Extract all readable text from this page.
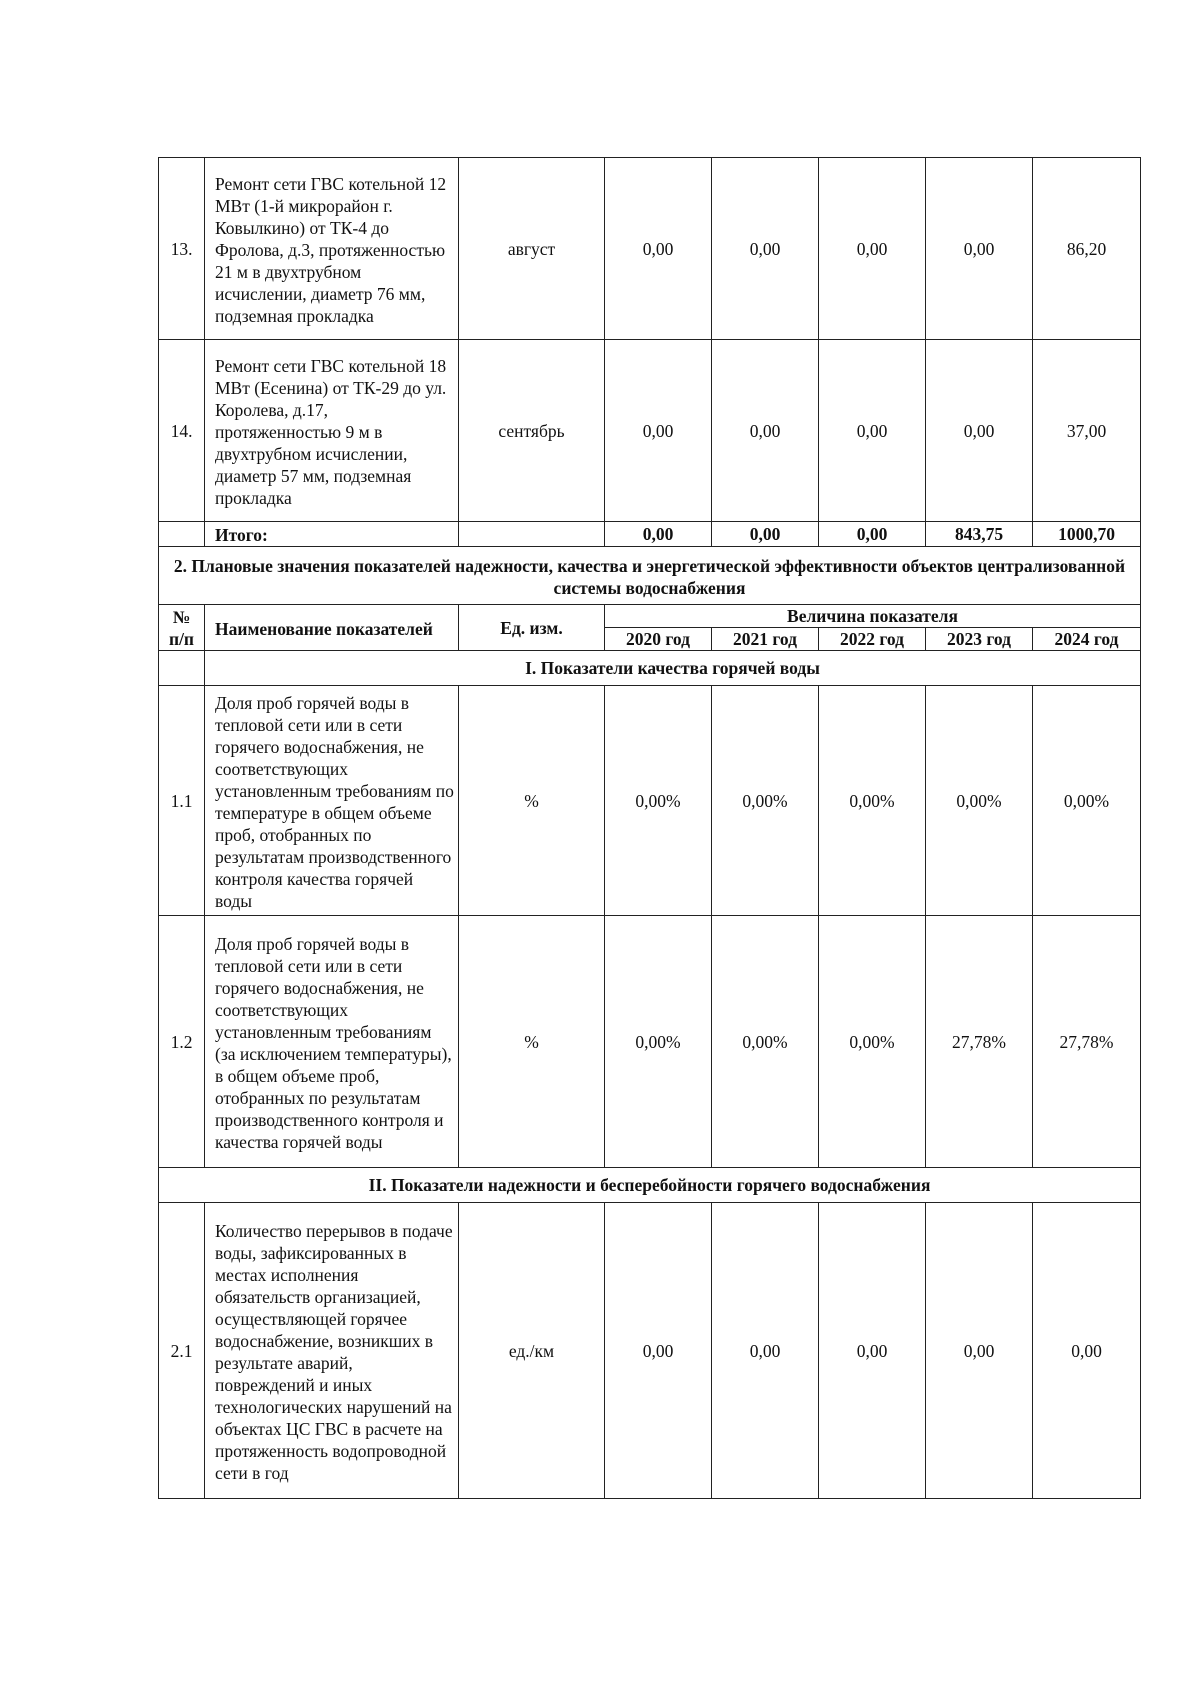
13.	Ремонт сети ГВС котельной 12 МВт (1-й микрорайон г. Ковылкино) от ТК-4 до Фролова, д.3, протяженностью 21 м в двухтрубном исчислении, диаметр 76 мм, подземная прокладка	август	0,00	0,00	0,00	0,00	86,20
14.	Ремонт сети ГВС котельной 18 МВт (Есенина) от ТК-29 до ул. Королева, д.17, протяженностью 9 м в двухтрубном исчислении, диаметр 57 мм, подземная прокладка	сентябрь	0,00	0,00	0,00	0,00	37,00
	Итого:		0,00	0,00	0,00	843,75	1000,70
2. Плановые значения показателей надежности, качества и энергетической эффективности объектов централизованной системы водоснабжения							
№ п/п	Наименование показателей	Ед. изм.	Величина показателя				
			2020 год	2021 год	2022 год	2023 год	2024 год
	I. Показатели качества горячей воды						
1.1	Доля проб горячей воды в тепловой сети или в сети горячего водоснабжения, не соответствующих установленным требованиям по температуре в общем объеме проб, отобранных по результатам производственного контроля качества горячей воды	%	0,00%	0,00%	0,00%	0,00%	0,00%
1.2	Доля проб горячей воды в тепловой сети или в сети горячего водоснабжения, не соответствующих установленным требованиям (за исключением температуры), в общем объеме проб, отобранных по результатам производственного контроля и качества горячей воды	%	0,00%	0,00%	0,00%	27,78%	27,78%
II. Показатели надежности и бесперебойности горячего водоснабжения							
2.1	Количество перерывов в подаче воды, зафиксированных в местах исполнения обязательств организацией, осуществляющей горячее водоснабжение, возникших в результате аварий, повреждений и иных технологических нарушений на объектах ЦС ГВС в расчете на протяженность водопроводной сети в год	ед./км	0,00	0,00	0,00	0,00	0,00
